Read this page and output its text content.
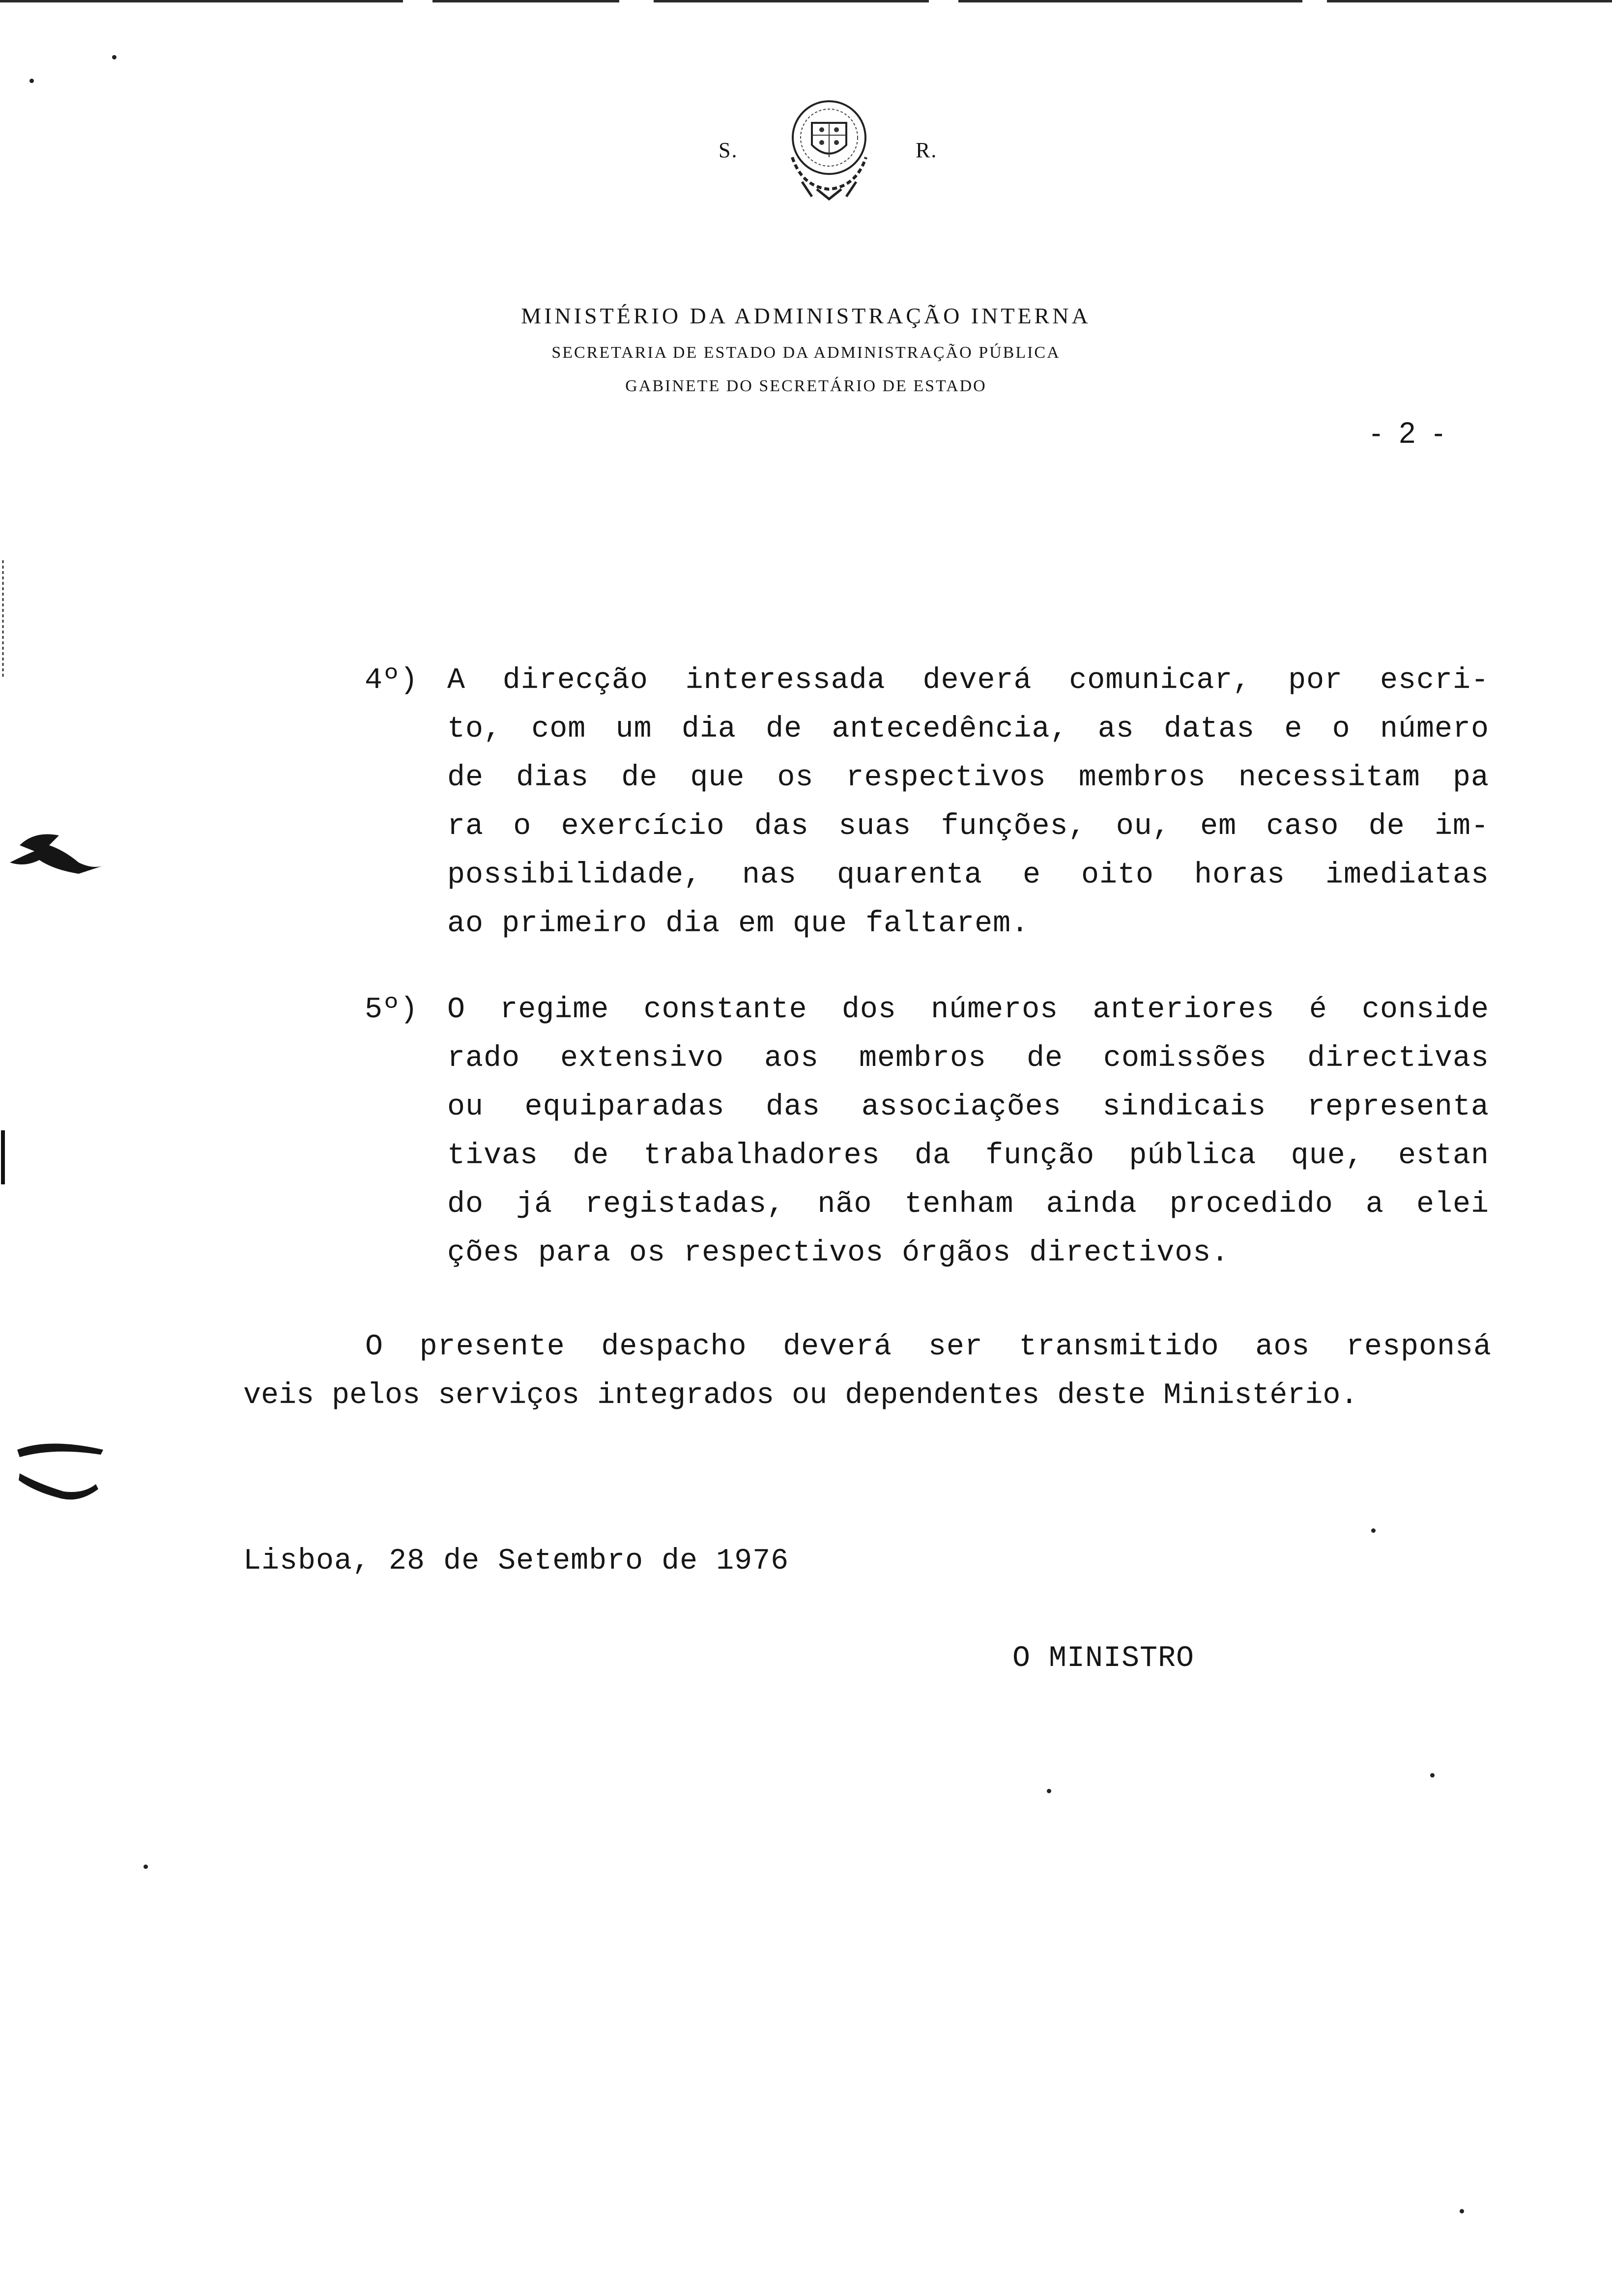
S.	R.
MINISTÉRIO DA ADMINISTRAÇÃO INTERNA
SECRETARIA DE ESTADO DA ADMINISTRAÇÃO PÚBLICA
GABINETE DO SECRETÁRIO DE ESTADO
- 2 -
4º) A direcção interessada deverá comunicar, por escri-
to, com um dia de antecedência, as datas e o número
de dias de que os respectivos membros necessitam pa
ra o exercício das suas funções, ou, em caso de im-
possibilidade, nas quarenta e oito horas imediatas
ao primeiro dia em que faltarem.
5º) O regime constante dos números anteriores é conside
rado extensivo aos membros de comissões directivas
ou equiparadas das associações sindicais representa
tivas de trabalhadores da função pública que, estan
do já registadas, não tenham ainda procedido a elei
ções para os respectivos órgãos directivos.
O presente despacho deverá ser transmitido aos responsá
veis pelos serviços integrados ou dependentes deste Ministério.
Lisboa, 28 de Setembro de 1976
O MINISTRO
